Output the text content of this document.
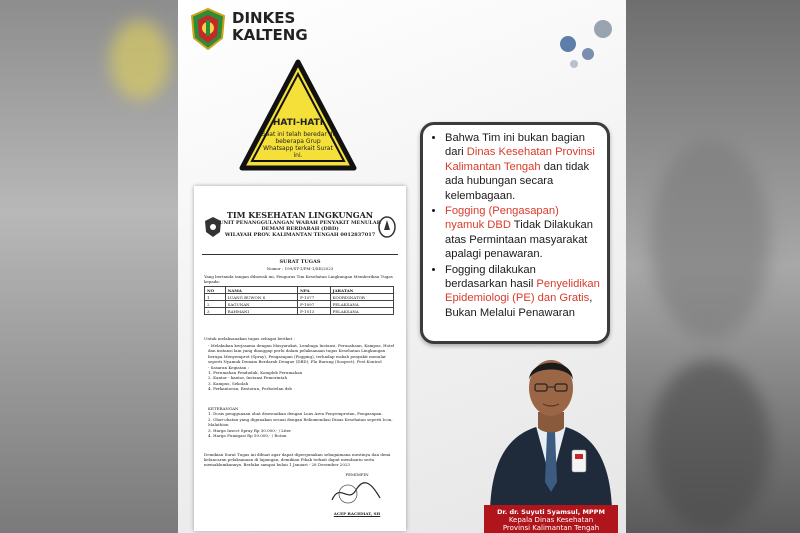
DINKES
KALTENG
HATI-HATI
Saat ini telah beredar di beberapa Grup Whatsapp terkait Surat ini.
TIM KESEHATAN LINGKUNGAN
UNIT PENANGGULANGAN WABAH PENYAKIT MENULAR
DEMAM BERDARAH (DBD)
WILAYAH PROV. KALIMANTAN TENGAH 0012837017
SURAT TUGAS
Nomor : 199/ST-1/PM-1/XII/2023
Yang bertanda tangan dibawah ini, Pengurus Tim Kesehatan Lingkungan Memberikan Tugas kepada:
NO	NAMA	NPA	JABATAN
1	LUANG BUWON S	F-1077	KOORDINATOR
2	SAGUNAN	F-1097	PELAKSANA
3	RAHMANI	F-1013	PELAKSANA
Untuk melaksanakan tugas sebagai berikut :
- Melakukan kerjasama dengan Masyarakat, Lembaga Instansi, Perusahaan, Kampus, Hotel dan instansi lain yang dianggap perlu dalam pelaksanaan tugas Kesehatan Lingkungan berupa Menyemprot (Spray), Pengasapan (Fogging), terhadap wabah penyakit menular seperti Nyamuk Demam Berdarah Dengue (DBD), Flu Burung (Suspect), Pest Kontrol
- Sasaran Kegiatan :
1. Perumahan Penduduk, Komplek Perumahan
2. Kantor - kantor, Instansi Pemerintah
3. Kampus, Sekolah
4. Perkantoran, Restoran, Perhotelan dsb
KETERANGAN
1. Dosis penggunaan obat disesuaikan dengan Luas Area Penyemprotan, Pengasapan.
2. Obat-obatan yang digunakan sesuai dengan Rekomendasi Dinas Kesehatan seperti Icon, Malathion
3. Harga Insect Spray Rp 30.000,- / Liter
4. Harga Fumigasi Rp 50.000,- / Rotan
Demikian Surat Tugas ini dibuat agar dapat dipergunakan sebagaimana mestinya dan demi kelancaran pelaksanaan di lapangan, demikian Pihak terkait dapat membantu serta memaklumkannya. Berlaku sampai bulan 1 Januari - 28 Desember 2023
PEMIMPIN
ACEP RACHMAT, SH
• Bahwa Tim ini bukan bagian dari Dinas Kesehatan Provinsi Kalimantan Tengah dan tidak ada hubungan secara kelembagaan.
• Fogging (Pengasapan) nyamuk DBD Tidak Dilakukan atas Permintaan masyarakat apalagi penawaran.
• Fogging dilakukan berdasarkan hasil Penyelidikan Epidemiologi (PE) dan Gratis, Bukan Melalui Penawaran
Dr. dr. Suyuti Syamsul, MPPM
Kepala Dinas Kesehatan
Provinsi Kalimantan Tengah
